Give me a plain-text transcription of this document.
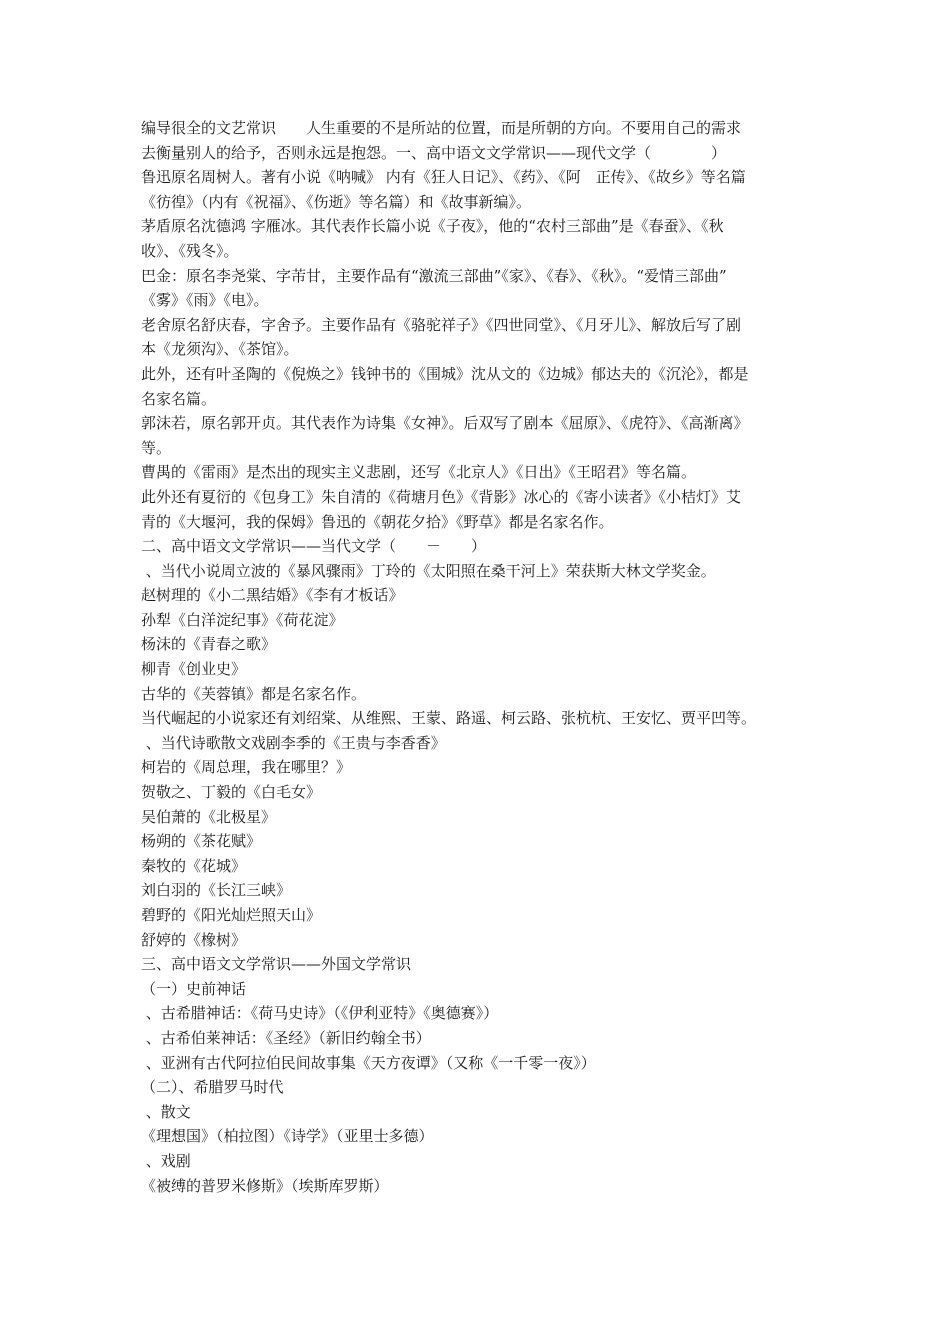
编导很全的文艺常识　　人生重要的不是所站的位置，而是所朝的方向。不要用自己的需求
去衡量别人的给予，否则永远是抱怨。一、高中语文文学常识——现代文学（　　　　）
鲁迅原名周树人。著有小说《呐喊》 内有《狂人日记》、《药》、《阿　正传》、《故乡》等名篇
《彷徨》（内有《祝福》、《伤逝》等名篇）和《故事新编》。
茅盾原名沈德鸿 字雁冰。其代表作长篇小说《子夜》，他的“农村三部曲”是《春蚕》、《秋
收》、《残冬》。
巴金：原名李尧棠、字芾甘，主要作品有“激流三部曲”《家》、《春》、《秋》。“爱情三部曲”
《雾》《雨》《电》。
老舍原名舒庆春，字舍予。主要作品有《骆驼祥子》《四世同堂》、《月牙儿》、解放后写了剧
本《龙须沟》、《茶馆》。
此外，还有叶圣陶的《倪焕之》钱钟书的《围城》沈从文的《边城》郁达夫的《沉沦》，都是
名家名篇。
郭沫若，原名郭开贞。其代表作为诗集《女神》。后双写了剧本《屈原》、《虎符》、《高渐离》
等。
曹禺的《雷雨》是杰出的现实主义悲剧，还写《北京人》《日出》《王昭君》等名篇。
此外还有夏衍的《包身工》朱自清的《荷塘月色》《背影》冰心的《寄小读者》《小桔灯》艾
青的《大堰河，我的保姆》鲁迅的《朝花夕拾》《野草》都是名家名作。
二、高中语文文学常识——当代文学（　　－　　）
、当代小说周立波的《暴风骤雨》丁玲的《太阳照在桑干河上》荣获斯大林文学奖金。
赵树理的《小二黑结婚》《李有才板话》
孙犁《白洋淀纪事》《荷花淀》
杨沫的《青春之歌》
柳青《创业史》
古华的《芙蓉镇》都是名家名作。
当代崛起的小说家还有刘绍棠、从维熙、王蒙、路遥、柯云路、张杭杭、王安忆、贾平凹等。
、当代诗歌散文戏剧李季的《王贵与李香香》
柯岩的《周总理，我在哪里？》
贺敬之、丁毅的《白毛女》
吴伯萧的《北极星》
杨朔的《茶花赋》
秦牧的《花城》
刘白羽的《长江三峡》
碧野的《阳光灿烂照天山》
舒婷的《橡树》
三、高中语文文学常识——外国文学常识
（一）史前神话
、古希腊神话：《荷马史诗》（《伊利亚特》《奥德赛》）
、古希伯莱神话：《圣经》（新旧约翰全书）
、亚洲有古代阿拉伯民间故事集《天方夜谭》（又称《一千零一夜》）
（二）、希腊罗马时代
、散文
《理想国》（柏拉图）《诗学》（亚里士多德）
、戏剧
《被缚的普罗米修斯》（埃斯库罗斯）
